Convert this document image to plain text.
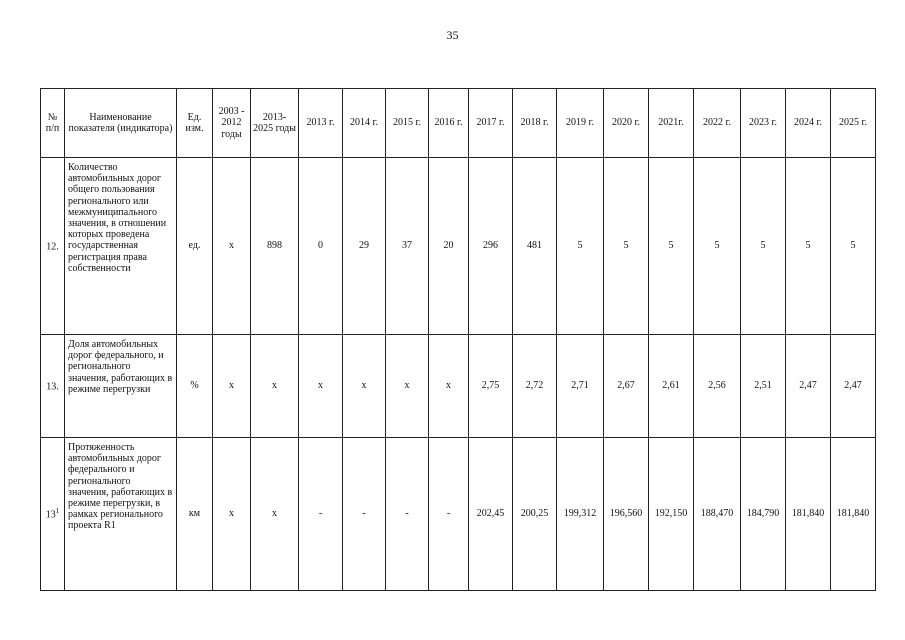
35
№ п/п	Наименование показателя (индикатора)	Ед. изм.	2003 - 2012 годы	2013- 2025 годы	2013 г.	2014 г.	2015 г.	2016 г.	2017 г.	2018 г.	2019 г.	2020 г.	2021г.	2022 г.	2023 г.	2024 г.	2025 г.
12.	Количество автомобильных дорог общего пользования регионального или межмуниципального значения, в отношении которых проведена государственная регистрация права собственности	ед.	x	898	0	29	37	20	296	481	5	5	5	5	5	5	5
13.	Доля автомобильных дорог федерального, и регионального значения, работающих в режиме перегрузки	%	x	x	x	x	x	x	2,75	2,72	2,71	2,67	2,61	2,56	2,51	2,47	2,47
$13^1$	Протяженность автомобильных дорог федерального и регионального значения, работающих в режиме перегрузки, в рамках регионального проекта R1	км	x	x	-	-	-	-	202,45	200,25	199,312	196,560	192,150	188,470	184,790	181,840	181,840
